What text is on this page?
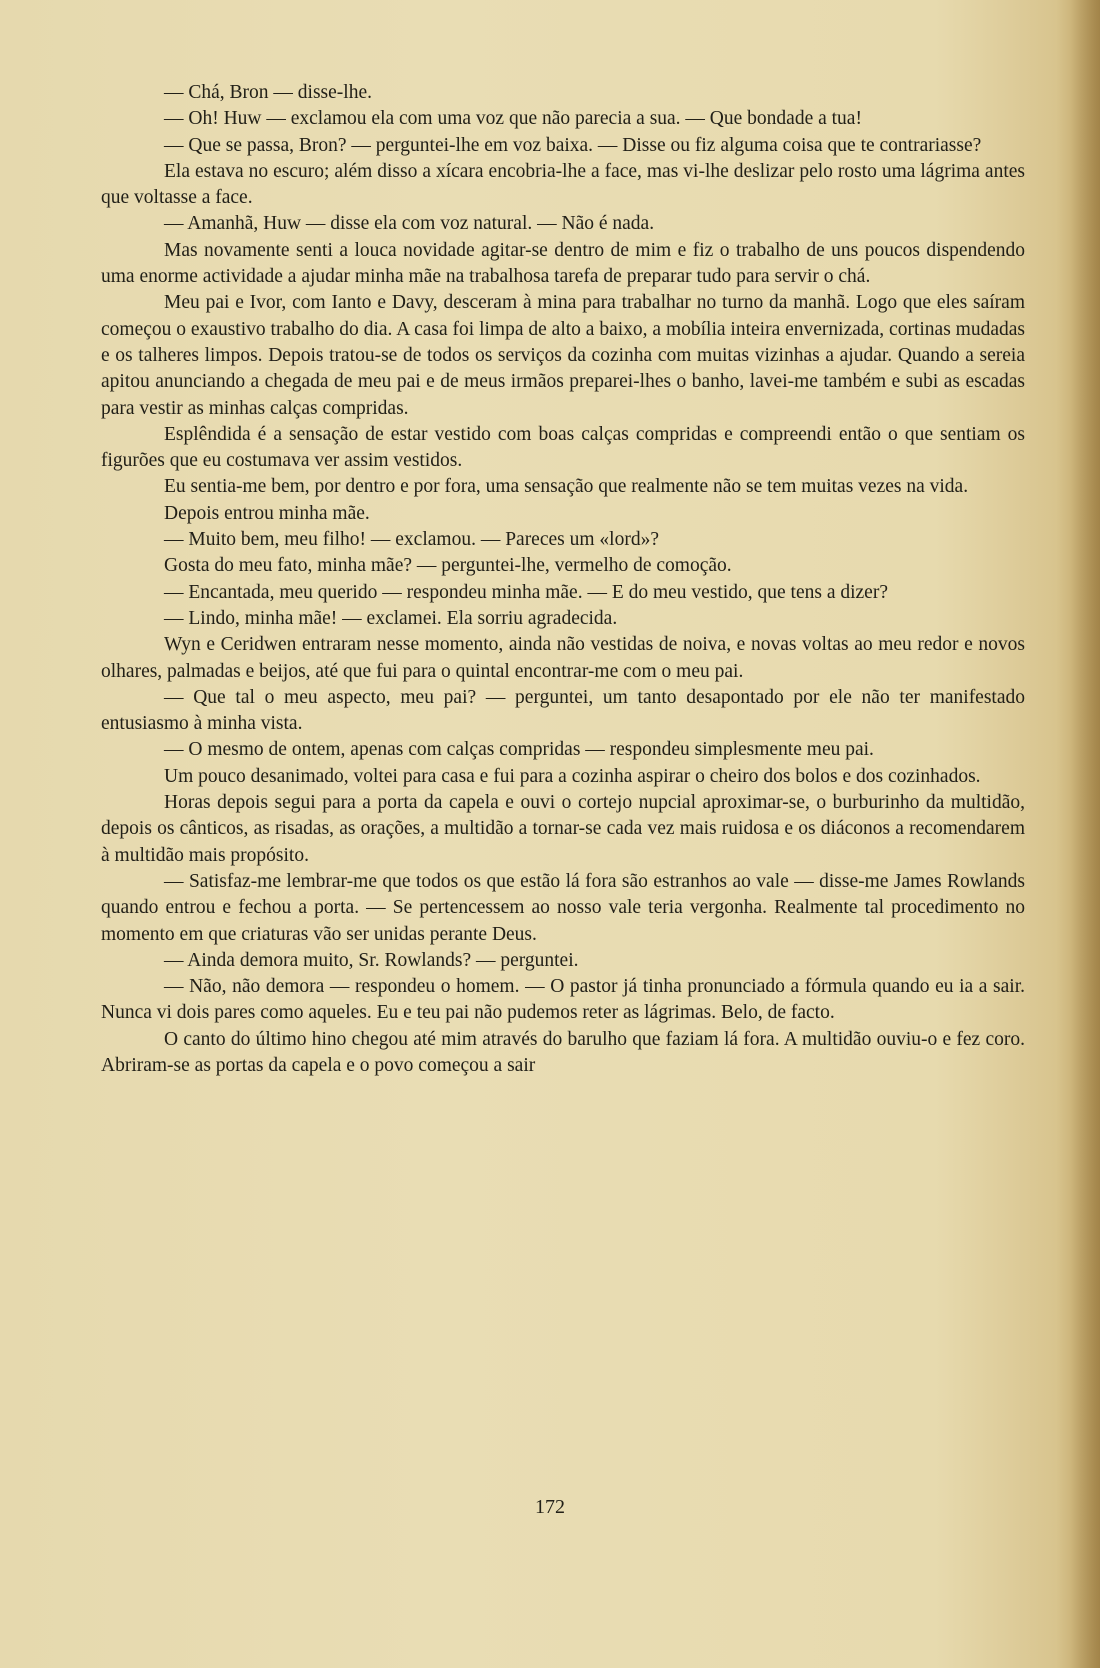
— Chá, Bron — disse-lhe.

— Oh! Huw — exclamou ela com uma voz que não parecia a sua. — Que bondade a tua!

— Que se passa, Bron? — perguntei-lhe em voz baixa. — Disse ou fiz alguma coisa que te contrariasse?

Ela estava no escuro; além disso a xícara encobria-lhe a face, mas vi-lhe deslizar pelo rosto uma lágrima antes que voltasse a face.

— Amanhã, Huw — disse ela com voz natural. — Não é nada.

Mas novamente senti a louca novidade agitar-se dentro de mim e fiz o trabalho de uns poucos dispendendo uma enorme actividade a ajudar minha mãe na trabalhosa tarefa de preparar tudo para servir o chá.

Meu pai e Ivor, com Ianto e Davy, desceram à mina para trabalhar no turno da manhã. Logo que eles saíram começou o exaustivo trabalho do dia. A casa foi limpa de alto a baixo, a mobília inteira envernizada, cortinas mudadas e os talheres limpos. Depois tratou-se de todos os serviços da cozinha com muitas vizinhas a ajudar. Quando a sereia apitou anunciando a chegada de meu pai e de meus irmãos preparei-lhes o banho, lavei-me também e subi as escadas para vestir as minhas calças compridas.

Esplêndida é a sensação de estar vestido com boas calças compridas e compreendi então o que sentiam os figurões que eu costumava ver assim vestidos.

Eu sentia-me bem, por dentro e por fora, uma sensação que realmente não se tem muitas vezes na vida.

Depois entrou minha mãe.

— Muito bem, meu filho! — exclamou. — Pareces um «lord»?

Gosta do meu fato, minha mãe? — perguntei-lhe, vermelho de comoção.

— Encantada, meu querido — respondeu minha mãe. — E do meu vestido, que tens a dizer?

— Lindo, minha mãe! — exclamei. Ela sorriu agradecida.

Wyn e Ceridwen entraram nesse momento, ainda não vestidas de noiva, e novas voltas ao meu redor e novos olhares, palmadas e beijos, até que fui para o quintal encontrar-me com o meu pai.

— Que tal o meu aspecto, meu pai? — perguntei, um tanto desapontado por ele não ter manifestado entusiasmo à minha vista.

— O mesmo de ontem, apenas com calças compridas — respondeu simplesmente meu pai.

Um pouco desanimado, voltei para casa e fui para a cozinha aspirar o cheiro dos bolos e dos cozinhados.

Horas depois segui para a porta da capela e ouvi o cortejo nupcial aproximar-se, o burburinho da multidão, depois os cânticos, as risadas, as orações, a multidão a tornar-se cada vez mais ruidosa e os diáconos a recomendarem à multidão mais propósito.

— Satisfaz-me lembrar-me que todos os que estão lá fora são estranhos ao vale — disse-me James Rowlands quando entrou e fechou a porta. — Se pertencessem ao nosso vale teria vergonha. Realmente tal procedimento no momento em que criaturas vão ser unidas perante Deus.

— Ainda demora muito, Sr. Rowlands? — perguntei.

— Não, não demora — respondeu o homem. — O pastor já tinha pronunciado a fórmula quando eu ia a sair. Nunca vi dois pares como aqueles. Eu e teu pai não pudemos reter as lágrimas. Belo, de facto.

O canto do último hino chegou até mim através do barulho que faziam lá fora. A multidão ouviu-o e fez coro. Abriram-se as portas da capela e o povo começou a sair

172
